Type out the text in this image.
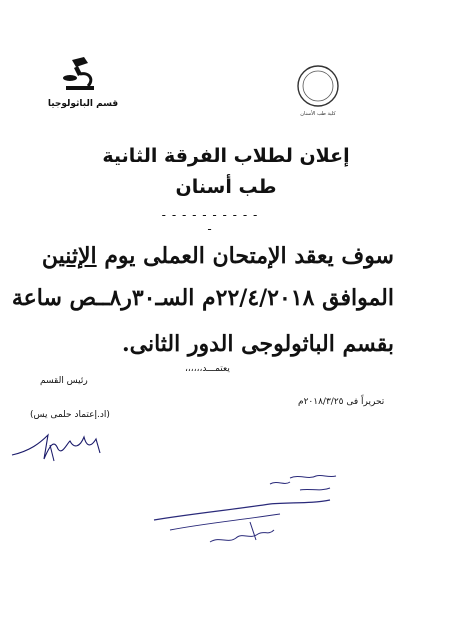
قسم الباثولوجيا
كلية طب الأسنان
إعلان لطلاب الفرقة الثانية
طب أسنان
- - - - - - - - - - -
سوف يعقد الإمتحان العملى يوم الإثنين
الموافق ٢٢/٤/٢٠١٨م السـ٣٠ر٨ــص ساعة
بقسم الباثولوجى الدور الثانى.
يعتمـــد،،،،،،
رئيس القسم
تحريراً فى ٢٠١٨/٣/٢٥م
(اد.إعتماد حلمى يس)
